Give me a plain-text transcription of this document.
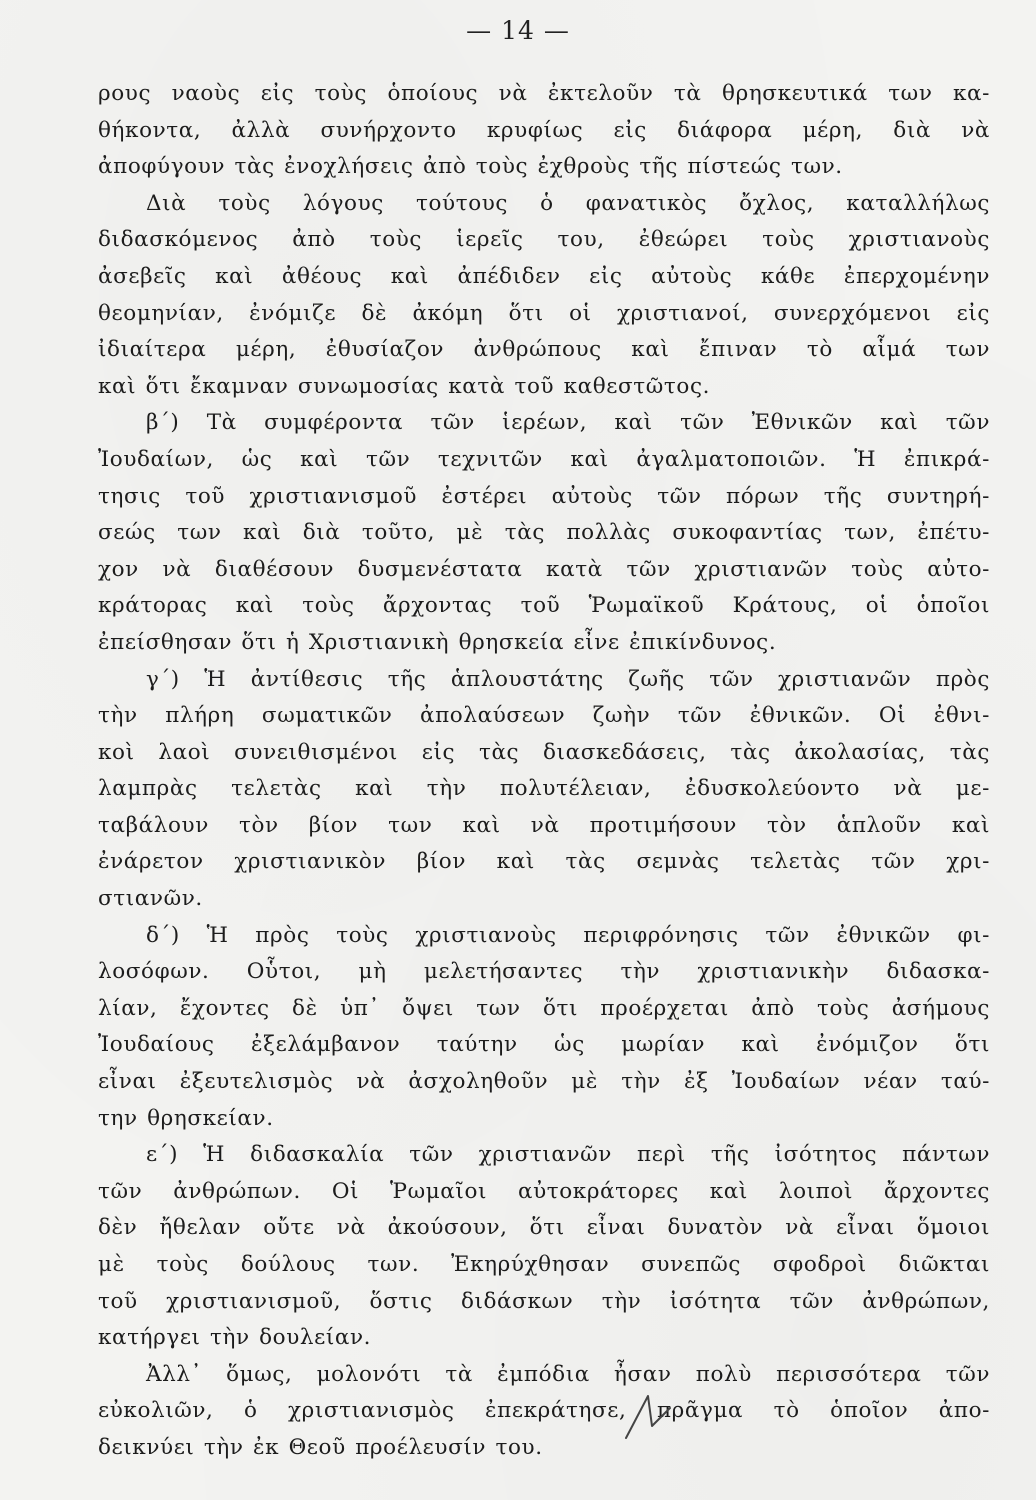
— 14 —
ρους ναοὺς εἰς τοὺς ὁποίους νὰ ἐκτελοῦν τὰ θρησκευτικά των κα-
θήκοντα, ἀλλὰ συνήρχοντο κρυφίως εἰς διάφορα μέρη, διὰ νὰ
ἀποφύγουν τὰς ἐνοχλήσεις ἀπὸ τοὺς ἐχθροὺς τῆς πίστεώς των.
Διὰ τοὺς λόγους τούτους ὁ φανατικὸς ὄχλος, καταλλήλως
διδασκόμενος ἀπὸ τοὺς ἱερεῖς του, ἐθεώρει τοὺς χριστιανοὺς
ἀσεβεῖς καὶ ἀθέους καὶ ἀπέδιδεν εἰς αὐτοὺς κάθε ἐπερχομένην
θεομηνίαν, ἐνόμιζε δὲ ἀκόμη ὅτι οἱ χριστιανοί, συνερχόμενοι εἰς
ἰδιαίτερα μέρη, ἐθυσίαζον ἀνθρώπους καὶ ἔπιναν τὸ αἷμά των
καὶ ὅτι ἔκαμναν συνωμοσίας κατὰ τοῦ καθεστῶτος.
β΄) Τὰ συμφέροντα τῶν ἱερέων, καὶ τῶν Ἐθνικῶν καὶ τῶν
Ἰουδαίων, ὡς καὶ τῶν τεχνιτῶν καὶ ἀγαλματοποιῶν. Ἡ ἐπικρά-
τησις τοῦ χριστιανισμοῦ ἐστέρει αὐτοὺς τῶν πόρων τῆς συντηρή-
σεώς των καὶ διὰ τοῦτο, μὲ τὰς πολλὰς συκοφαντίας των, ἐπέτυ-
χον νὰ διαθέσουν δυσμενέστατα κατὰ τῶν χριστιανῶν τοὺς αὐτο-
κράτορας καὶ τοὺς ἄρχοντας τοῦ Ῥωμαϊκοῦ Κράτους, οἱ ὁποῖοι
ἐπείσθησαν ὅτι ἡ Χριστιανικὴ θρησκεία εἶνε ἐπικίνδυνος.
γ΄) Ἡ ἀντίθεσις τῆς ἁπλουστάτης ζωῆς τῶν χριστιανῶν πρὸς
τὴν πλήρη σωματικῶν ἀπολαύσεων ζωὴν τῶν ἐθνικῶν. Οἱ ἐθνι-
κοὶ λαοὶ συνειθισμένοι εἰς τὰς διασκεδάσεις, τὰς ἀκολασίας, τὰς
λαμπρὰς τελετὰς καὶ τὴν πολυτέλειαν, ἐδυσκολεύοντο νὰ με-
ταβάλουν τὸν βίον των καὶ νὰ προτιμήσουν τὸν ἁπλοῦν καὶ
ἐνάρετον χριστιανικὸν βίον καὶ τὰς σεμνὰς τελετὰς τῶν χρι-
στιανῶν.
δ΄) Ἡ πρὸς τοὺς χριστιανοὺς περιφρόνησις τῶν ἐθνικῶν φι-
λοσόφων. Οὗτοι, μὴ μελετήσαντες τὴν χριστιανικὴν διδασκα-
λίαν, ἔχοντες δὲ ὑπ᾿ ὄψει των ὅτι προέρχεται ἀπὸ τοὺς ἀσήμους
Ἰουδαίους ἐξελάμβανον ταύτην ὡς μωρίαν καὶ ἐνόμιζον ὅτι
εἶναι ἐξευτελισμὸς νὰ ἀσχοληθοῦν μὲ τὴν ἐξ Ἰουδαίων νέαν ταύ-
την θρησκείαν.
ε΄) Ἡ διδασκαλία τῶν χριστιανῶν περὶ τῆς ἰσότητος πάντων
τῶν ἀνθρώπων. Οἱ Ῥωμαῖοι αὐτοκράτορες καὶ λοιποὶ ἄρχοντες
δὲν ἤθελαν οὔτε νὰ ἀκούσουν, ὅτι εἶναι δυνατὸν νὰ εἶναι ὅμοιοι
μὲ τοὺς δούλους των. Ἐκηρύχθησαν συνεπῶς σφοδροὶ διῶκται
τοῦ χριστιανισμοῦ, ὅστις διδάσκων τὴν ἰσότητα τῶν ἀνθρώπων,
κατήργει τὴν δουλείαν.
Ἀλλ᾿ ὅμως, μολονότι τὰ ἐμπόδια ἦσαν πολὺ περισσότερα τῶν
εὐκολιῶν, ὁ χριστιανισμὸς ἐπεκράτησε, πρᾶγμα τὸ ὁποῖον ἀπο-
δεικνύει τὴν ἐκ Θεοῦ προέλευσίν του.
